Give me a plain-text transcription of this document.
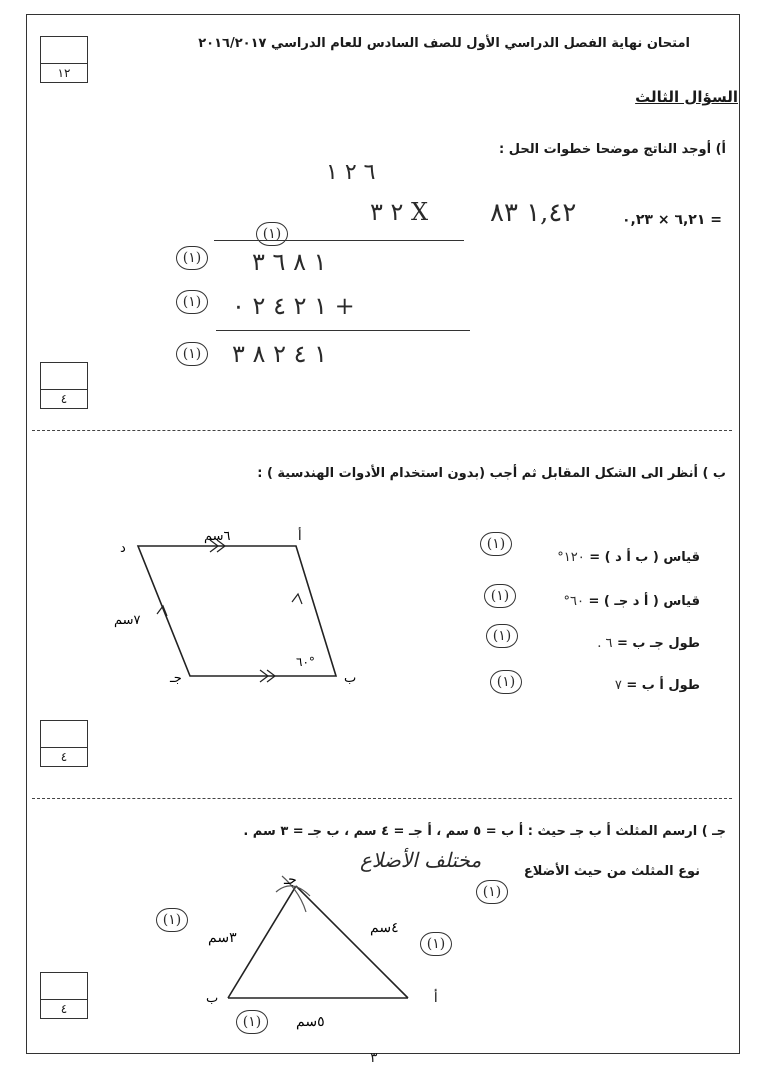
امتحان نهاية الفصل الدراسي الأول للصف السادس للعام الدراسي ٢٠١٦/٢٠١٧
١٢
السؤال الثالث
أ) أوجد الناتج موضحا خطوات الحل :
٦,٢١ × ٠,٢٣ =
٦ ٢ ١
٢ ٣ X ١,٤٢ ٨٣
(١)
(١) ١ ٨ ٦ ٣
(١) ١ ٢ ٤ ٢ ٠ +
(١) ١ ٤ ٢ ٨ ٣
٤
ب ) أنظر الى الشكل المقابل ثم أجب (بدون استخدام الأدوات الهندسية ) :
د
أ
جـ	ب
٦سم
٧سم
٦٠°
(١)
قياس ( ب أ د ) = ١٢٠°
(١)	قياس ( أ د جـ ) = ٦٠°
(١)	طول جـ ب = ٦ .
(١)	طول أ ب = ٧
٤
جـ ) ارسم المثلث أ ب جـ حيث : أ ب = ٥ سم ، أ جـ = ٤ سم ، ب جـ = ٣ سم .
نوع المثلث من حيث الأضلاع
مختلف الأضلاع
(١)
جـ
ب	أ
٣سم
٤سم
٥سم
(١)
(١)
(١)
٤
٣
